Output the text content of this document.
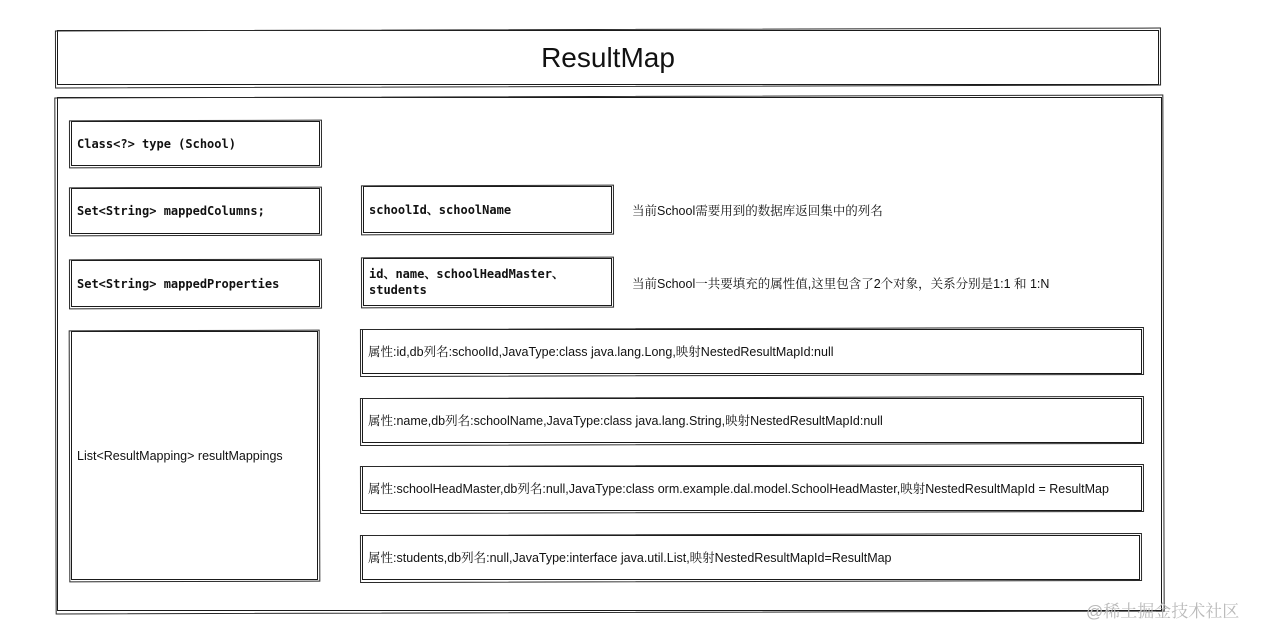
ResultMap
Class<?> type (School)
Set<String> mappedColumns;
Set<String> mappedProperties
List<ResultMapping> resultMappings
schoolId、schoolName
id、name、schoolHeadMaster、students
当前School需要用到的数据库返回集中的列名
当前School一共要填充的属性值,这里包含了2个对象，关系分别是1:1 和 1:N
属性:id,db列名:schoolId,JavaType:class java.lang.Long,映射NestedResultMapId:null
属性:name,db列名:schoolName,JavaType:class java.lang.String,映射NestedResultMapId:null
属性:schoolHeadMaster,db列名:null,JavaType:class orm.example.dal.model.SchoolHeadMaster,映射NestedResultMapId = ResultMap
属性:students,db列名:null,JavaType:interface java.util.List,映射NestedResultMapId=ResultMap
@稀土掘金技术社区
